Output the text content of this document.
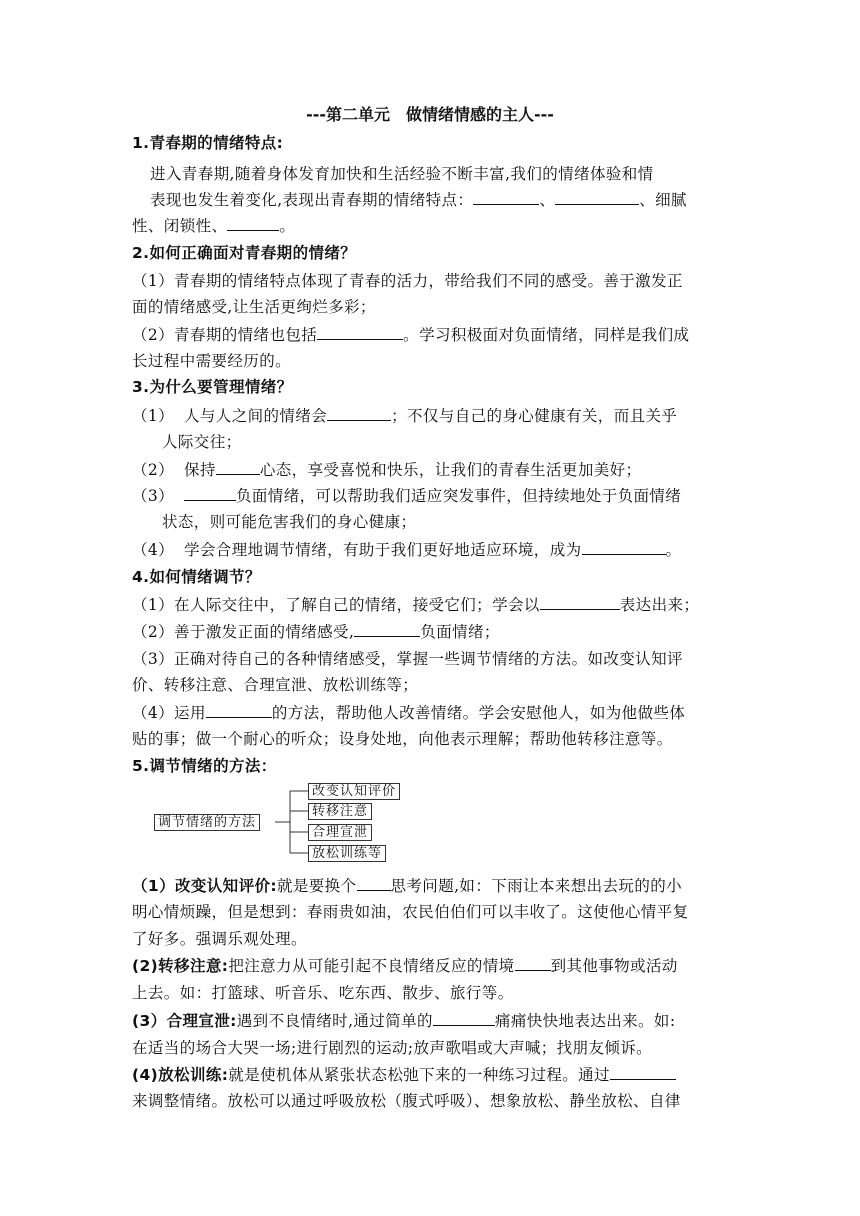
---第二单元　做情绪情感的主人---
1.青春期的情绪特点:
进入青春期,随着身体发育加快和生活经验不断丰富,我们的情绪体验和情
表现也发生着变化,表现出青春期的情绪特点：	、	、细腻
性、闭锁性、	。
2.如何正确面对青春期的情绪？
（1）青春期的情绪特点体现了青春的活力，带给我们不同的感受。善于激发正
面的情绪感受,让生活更绚烂多彩；
（2）青春期的情绪也包括	。学习积极面对负面情绪，同样是我们成
长过程中需要经历的。
3.为什么要管理情绪？
（1） 人与人之间的情绪会	；不仅与自己的身心健康有关，而且关乎
人际交往；
（2） 保持	心态，享受喜悦和快乐，让我们的青春生活更加美好；
（3）	负面情绪，可以帮助我们适应突发事件，但持续地处于负面情绪
状态，则可能危害我们的身心健康；
（4） 学会合理地调节情绪，有助于我们更好地适应环境，成为	。
4.如何情绪调节？
（1）在人际交往中，了解自己的情绪，接受它们；学会以	表达出来；
（2）善于激发正面的情绪感受,	负面情绪；
（3）正确对待自己的各种情绪感受，掌握一些调节情绪的方法。如改变认知评
价、转移注意、合理宣泄、放松训练等；
（4）运用	的方法，帮助他人改善情绪。学会安慰他人，如为他做些体
贴的事；做一个耐心的听众；设身处地，向他表示理解；帮助他转移注意等。
5.调节情绪的方法：
调节情绪的方法
改变认知评价
转移注意
合理宣泄
放松训练等
（1）改变认知评价:就是要换个 思考问题,如：下雨让本来想出去玩的的小
明心情烦躁，但是想到：春雨贵如油，农民伯伯们可以丰收了。这使他心情平复
了好多。强调乐观处理。
(2)转移注意:把注意力从可能引起不良情绪反应的情境 到其他事物或活动
上去。如：打篮球、听音乐、吃东西、散步、旅行等。
(3）合理宣泄:遇到不良情绪时,通过简单的	痛痛快快地表达出来。如:
在适当的场合大哭一场;进行剧烈的运动;放声歌唱或大声喊；找朋友倾诉。
(4)放松训练:就是使机体从紧张状态松弛下来的一种练习过程。通过
来调整情绪。放松可以通过呼吸放松（腹式呼吸）、想象放松、静坐放松、自律
